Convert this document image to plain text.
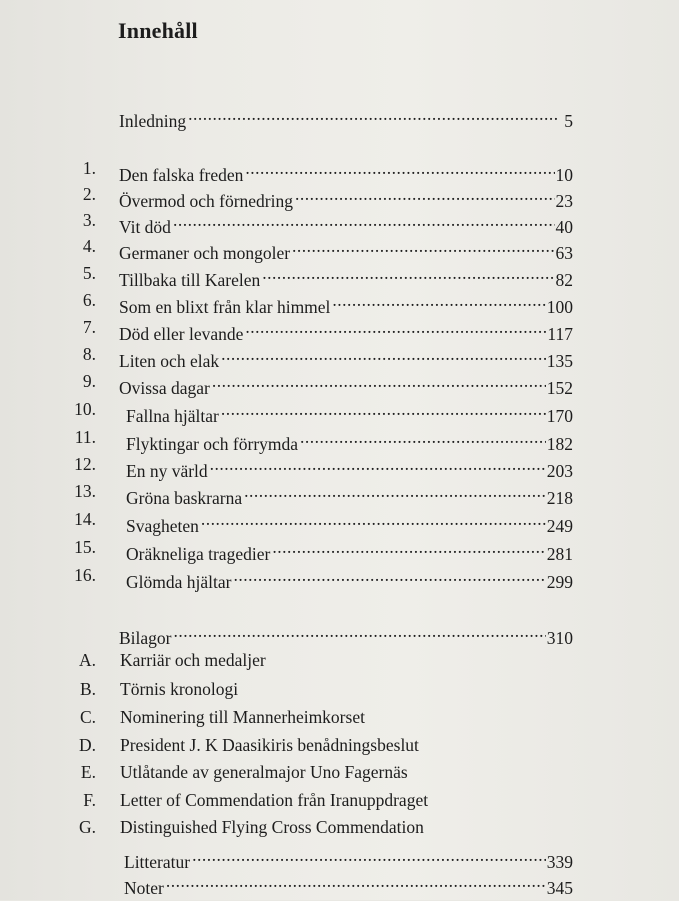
Innehåll
Inledning .....	5
1. Den falska freden .....	10
2. Övermod och förnedring .....	23
3. Vit död .....	40
4. Germaner och mongoler .....	63
5. Tillbaka till Karelen .....	82
6. Som en blixt från klar himmel .....	100
7. Död eller levande .....	117
8. Liten och elak .....	135
9. Ovissa dagar .....	152
10. Fallna hjältar .....	170
11. Flyktingar och förrymda .....	182
12. En ny värld .....	203
13. Gröna baskrarna .....	218
14. Svagheten .....	249
15. Oräkneliga tragedier .....	281
16. Glömda hjältar .....	299
Bilagor .....	310
A. Karriär och medaljer
B. Törnis kronologi
C. Nominering till Mannerheimkorset
D. President J. K Daasikiris benådningsbeslut
E. Utlåtande av generalmajor Uno Fagernäs
F. Letter of Commendation från Iranuppdraget
G. Distinguished Flying Cross Commendation
Litteratur .....	339
Noter .....	345
